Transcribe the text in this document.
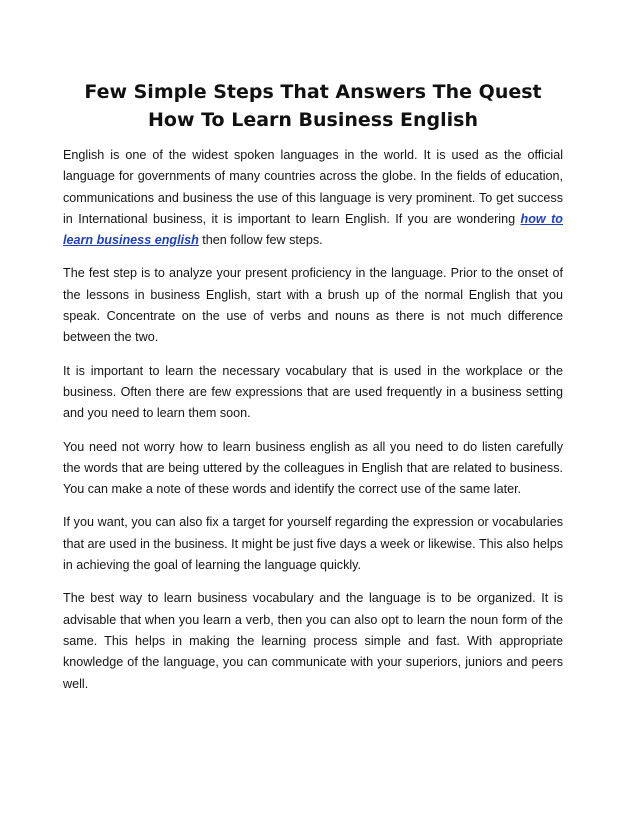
Few Simple Steps That Answers The Quest How To Learn Business English

English is one of the widest spoken languages in the world. It is used as the official language for governments of many countries across the globe. In the fields of education, communications and business the use of this language is very prominent. To get success in International business, it is important to learn English. If you are wondering how to learn business english then follow few steps.

The fest step is to analyze your present proficiency in the language. Prior to the onset of the lessons in business English, start with a brush up of the normal English that you speak. Concentrate on the use of verbs and nouns as there is not much difference between the two.

It is important to learn the necessary vocabulary that is used in the workplace or the business. Often there are few expressions that are used frequently in a business setting and you need to learn them soon.

You need not worry how to learn business english as all you need to do listen carefully the words that are being uttered by the colleagues in English that are related to business. You can make a note of these words and identify the correct use of the same later.

If you want, you can also fix a target for yourself regarding the expression or vocabularies that are used in the business. It might be just five days a week or likewise. This also helps in achieving the goal of learning the language quickly.

The best way to learn business vocabulary and the language is to be organized. It is advisable that when you learn a verb, then you can also opt to learn the noun form of the same. This helps in making the learning process simple and fast. With appropriate knowledge of the language, you can communicate with your superiors, juniors and peers well.
